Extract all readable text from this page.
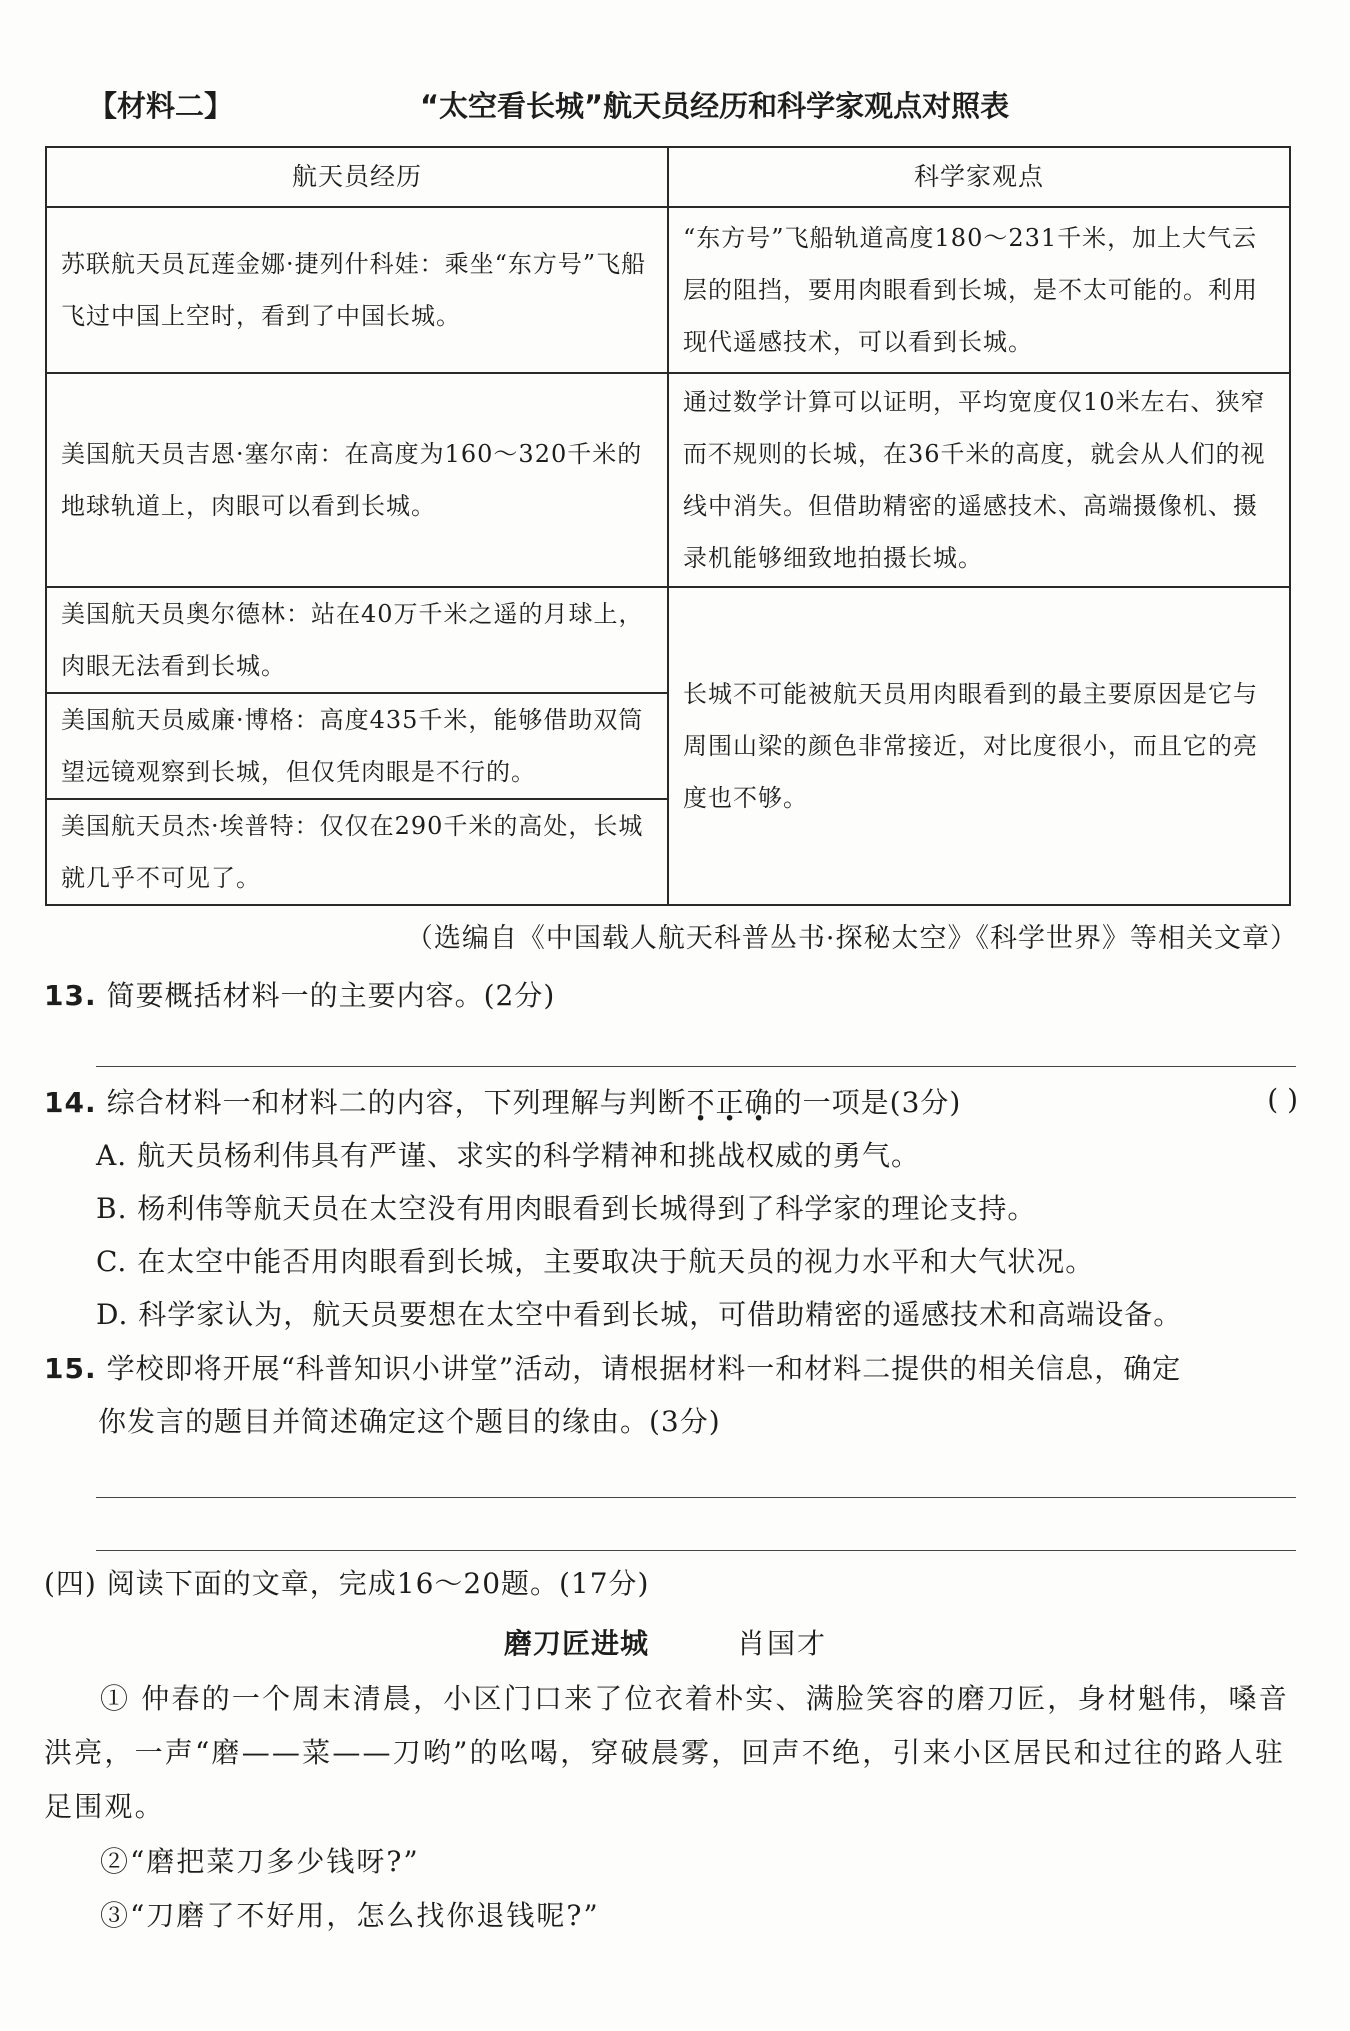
【材料二】	“太空看长城”航天员经历和科学家观点对照表
航天员经历	科学家观点
苏联航天员瓦莲金娜·捷列什科娃：乘坐“东方号”飞船飞过中国上空时，看到了中国长城。	“东方号”飞船轨道高度180～231千米，加上大气云层的阻挡，要用肉眼看到长城，是不太可能的。利用现代遥感技术，可以看到长城。
美国航天员吉恩·塞尔南：在高度为160～320千米的地球轨道上，肉眼可以看到长城。	通过数学计算可以证明，平均宽度仅10米左右、狭窄而不规则的长城，在36千米的高度，就会从人们的视线中消失。但借助精密的遥感技术、高端摄像机、摄录机能够细致地拍摄长城。
美国航天员奥尔德林：站在40万千米之遥的月球上，肉眼无法看到长城。	长城不可能被航天员用肉眼看到的最主要原因是它与周围山梁的颜色非常接近，对比度很小，而且它的亮度也不够。
美国航天员威廉·博格：高度435千米，能够借助双筒望远镜观察到长城，但仅凭肉眼是不行的。	
美国航天员杰·埃普特：仅仅在290千米的高处，长城就几乎不可见了。	
（选编自《中国载人航天科普丛书·探秘太空》《科学世界》等相关文章）
13. 简要概括材料一的主要内容。(2分)
14. 综合材料一和材料二的内容，下列理解与判断不正确的一项是(3分)	( )
A. 航天员杨利伟具有严谨、求实的科学精神和挑战权威的勇气。
B. 杨利伟等航天员在太空没有用肉眼看到长城得到了科学家的理论支持。
C. 在太空中能否用肉眼看到长城，主要取决于航天员的视力水平和大气状况。
D. 科学家认为，航天员要想在太空中看到长城，可借助精密的遥感技术和高端设备。
15. 学校即将开展“科普知识小讲堂”活动，请根据材料一和材料二提供的相关信息，确定
你发言的题目并简述确定这个题目的缘由。(3分)
(四) 阅读下面的文章，完成16～20题。(17分)
磨刀匠进城	肖国才
① 仲春的一个周末清晨，小区门口来了位衣着朴实、满脸笑容的磨刀匠，身材魁伟，嗓音洪亮，一声“磨——菜——刀哟”的吆喝，穿破晨雾，回声不绝，引来小区居民和过往的路人驻足围观。
②“磨把菜刀多少钱呀?”
③“刀磨了不好用，怎么找你退钱呢?”
